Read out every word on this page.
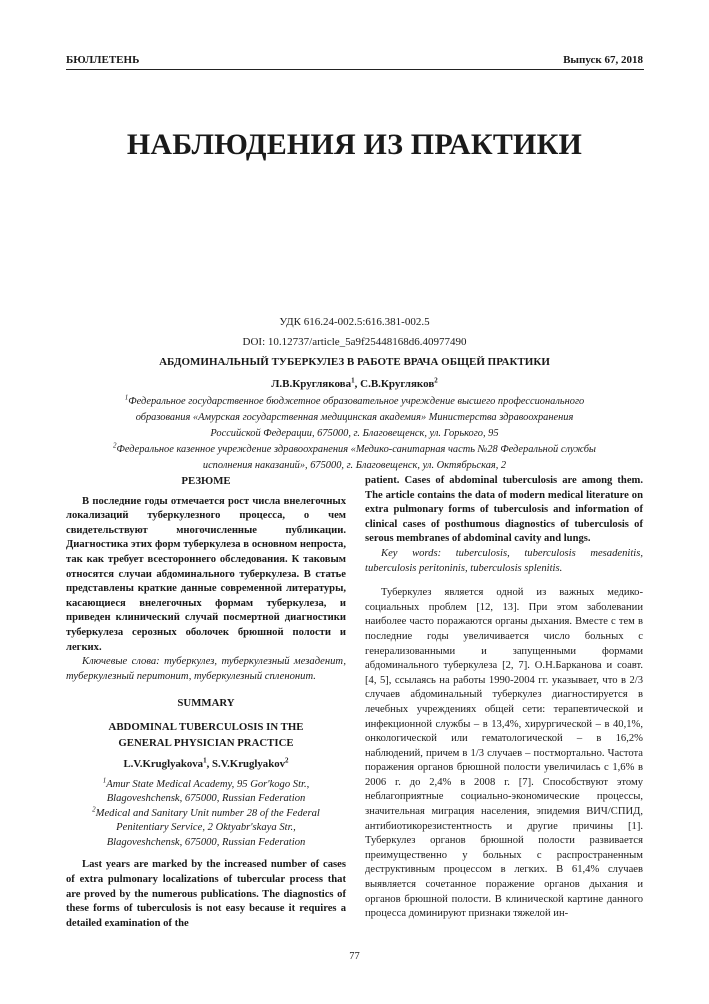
БЮЛЛЕТЕНЬ	Выпуск 67, 2018
НАБЛЮДЕНИЯ ИЗ ПРАКТИКИ
УДК 616.24-002.5:616.381-002.5
DOI: 10.12737/article_5a9f25448168d6.40977490
АБДОМИНАЛЬНЫЙ ТУБЕРКУЛЕЗ В РАБОТЕ ВРАЧА ОБЩЕЙ ПРАКТИКИ
Л.В.Круглякова$^1$, С.В.Кругляков$^2$
$^1$Федеральное государственное бюджетное образовательное учреждение высшего профессионального
образования «Амурская государственная медицинская академия» Министерства здравоохранения
Российской Федерации, 675000, г. Благовещенск, ул. Горького, 95
$^2$Федеральное казенное учреждение здравоохранения «Медико-санитарная часть №28 Федеральной службы
исполнения наказаний», 675000, г. Благовещенск, ул. Октябрьская, 2
РЕЗЮМЕ

В последние годы отмечается рост числа внелегочных локализаций туберкулезного процесса, о чем свидетельствуют многочисленные публикации. Диагностика этих форм туберкулеза в основном непроста, так как требует всестороннего обследования. К таковым относятся случаи абдоминального туберкулеза. В статье представлены краткие данные современной литературы, касающиеся внелегочных формам туберкулеза, и приведен клинический случай посмертной диагностики туберкулеза серозных оболочек брюшной полости и легких.

Ключевые слова: туберкулез, туберкулезный мезаденит, туберкулезный перитонит, туберкулезный спленонит.

SUMMARY
ABDOMINAL TUBERCULOSIS IN THE
GENERAL PHYSICIAN PRACTICE
L.V.Kruglyakova$^1$, S.V.Kruglyakov$^2$
$^1$Amur State Medical Academy, 95 Gor'kogo Str.,
Blagoveshchensk, 675000, Russian Federation
$^2$Medical and Sanitary Unit number 28 of the Federal
Penitentiary Service, 2 Oktyabr'skaya Str.,
Blagoveshchensk, 675000, Russian Federation

Last years are marked by the increased number of cases of extra pulmonary localizations of tubercular process that are proved by the numerous publications. The diagnostics of these forms of tuberculosis is not easy because it requires a detailed examination of the

patient. Cases of abdominal tuberculosis are among them. The article contains the data of modern medical literature on extra pulmonary forms of tuberculosis and information of clinical cases of posthumous diagnostics of tuberculosis of serous membranes of abdominal cavity and lungs.

Key words: tuberculosis, tuberculosis mesadenitis, tuberculosis peritoninis, tuberculosis splenitis.

Туберкулез является одной из важных медико-социальных проблем [12, 13]. При этом заболевании наиболее часто поражаются органы дыхания. Вместе с тем в последние годы увеличивается число больных с генерализованными и запущенными формами абдоминального туберкулеза [2, 7]. О.Н.Барканова и соавт. [4, 5], ссылаясь на работы 1990-2004 гг. указывает, что в 2/3 случаев абдоминальный туберкулез диагностируется в лечебных учреждениях общей сети: терапевтической и инфекционной службы – в 13,4%, хирургической – в 40,1%, онкологической или гематологической – в 16,2% наблюдений, причем в 1/3 случаев – постмортально. Частота поражения органов брюшной полости увеличилась с 1,6% в 2006 г. до 2,4% в 2008 г. [7]. Способствуют этому неблагоприятные социально-экономические процессы, значительная миграция населения, эпидемия ВИЧ/СПИД, антибиотикорезистентность и другие причины [1]. Туберкулез органов брюшной полости развивается преимущественно у больных с распространенным деструктивным процессом в легких. В 61,4% случаев выявляется сочетанное поражение органов дыхания и органов брюшной полости. В клинической картине данного процесса доминируют признаки тяжелой ин-

77
